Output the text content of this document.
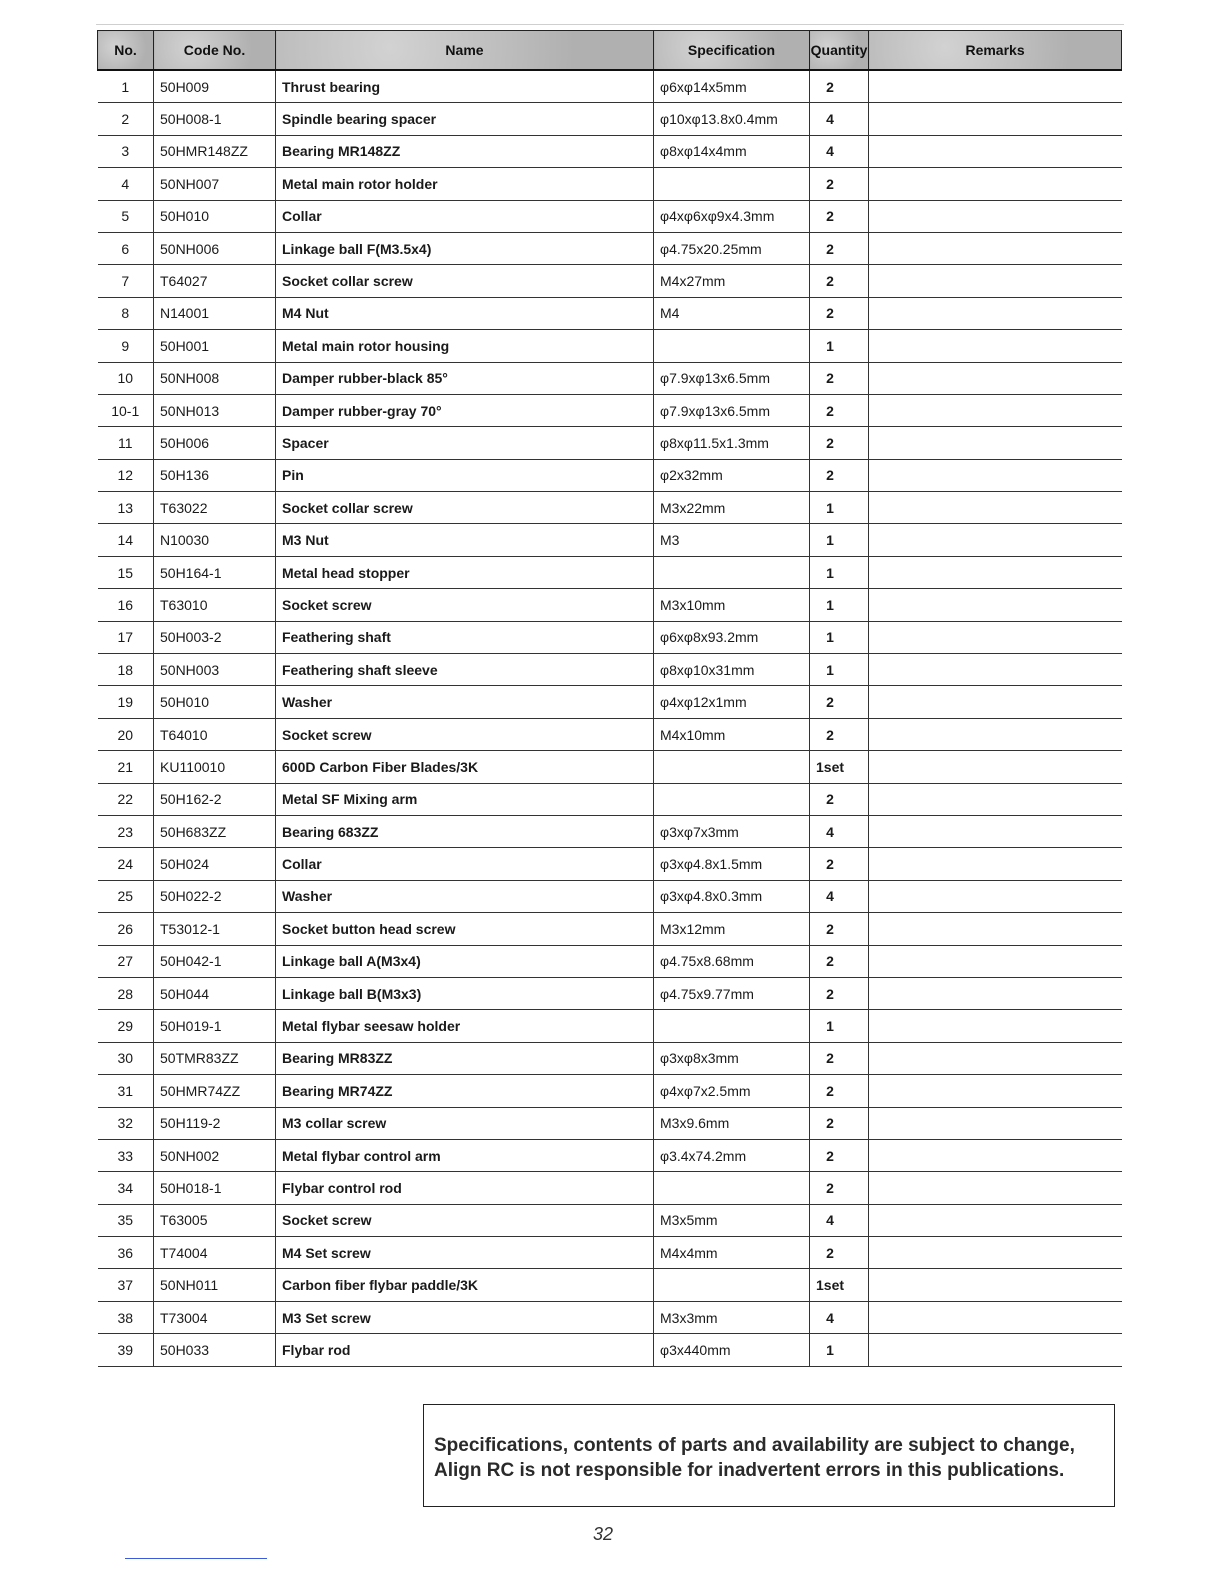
No.	Code No.	Name	Specification	Quantity	Remarks
1	50H009	Thrust bearing	φ6xφ14x5mm	2	
2	50H008-1	Spindle bearing spacer	φ10xφ13.8x0.4mm	4	
3	50HMR148ZZ	Bearing MR148ZZ	φ8xφ14x4mm	4	
4	50NH007	Metal main rotor holder		2	
5	50H010	Collar	φ4xφ6xφ9x4.3mm	2	
6	50NH006	Linkage ball F(M3.5x4)	φ4.75x20.25mm	2	
7	T64027	Socket collar screw	M4x27mm	2	
8	N14001	M4 Nut	M4	2	
9	50H001	Metal main rotor housing		1	
10	50NH008	Damper rubber-black 85°	φ7.9xφ13x6.5mm	2	
10-1	50NH013	Damper rubber-gray 70°	φ7.9xφ13x6.5mm	2	
11	50H006	Spacer	φ8xφ11.5x1.3mm	2	
12	50H136	Pin	φ2x32mm	2	
13	T63022	Socket collar screw	M3x22mm	1	
14	N10030	M3 Nut	M3	1	
15	50H164-1	Metal head stopper		1	
16	T63010	Socket screw	M3x10mm	1	
17	50H003-2	Feathering shaft	φ6xφ8x93.2mm	1	
18	50NH003	Feathering shaft sleeve	φ8xφ10x31mm	1	
19	50H010	Washer	φ4xφ12x1mm	2	
20	T64010	Socket screw	M4x10mm	2	
21	KU110010	600D Carbon Fiber Blades/3K		1set	
22	50H162-2	Metal SF Mixing arm		2	
23	50H683ZZ	Bearing 683ZZ	φ3xφ7x3mm	4	
24	50H024	Collar	φ3xφ4.8x1.5mm	2	
25	50H022-2	Washer	φ3xφ4.8x0.3mm	4	
26	T53012-1	Socket button head screw	M3x12mm	2	
27	50H042-1	Linkage ball A(M3x4)	φ4.75x8.68mm	2	
28	50H044	Linkage ball B(M3x3)	φ4.75x9.77mm	2	
29	50H019-1	Metal flybar seesaw holder		1	
30	50TMR83ZZ	Bearing MR83ZZ	φ3xφ8x3mm	2	
31	50HMR74ZZ	Bearing MR74ZZ	φ4xφ7x2.5mm	2	
32	50H119-2	M3 collar screw	M3x9.6mm	2	
33	50NH002	Metal flybar control arm	φ3.4x74.2mm	2	
34	50H018-1	Flybar control rod		2	
35	T63005	Socket screw	M3x5mm	4	
36	T74004	M4 Set screw	M4x4mm	2	
37	50NH011	Carbon fiber flybar paddle/3K		1set	
38	T73004	M3 Set screw	M3x3mm	4	
39	50H033	Flybar rod	φ3x440mm	1	
Specifications, contents of parts and availability are subject to change,
Align RC is not responsible for inadvertent errors in this publications.
32
